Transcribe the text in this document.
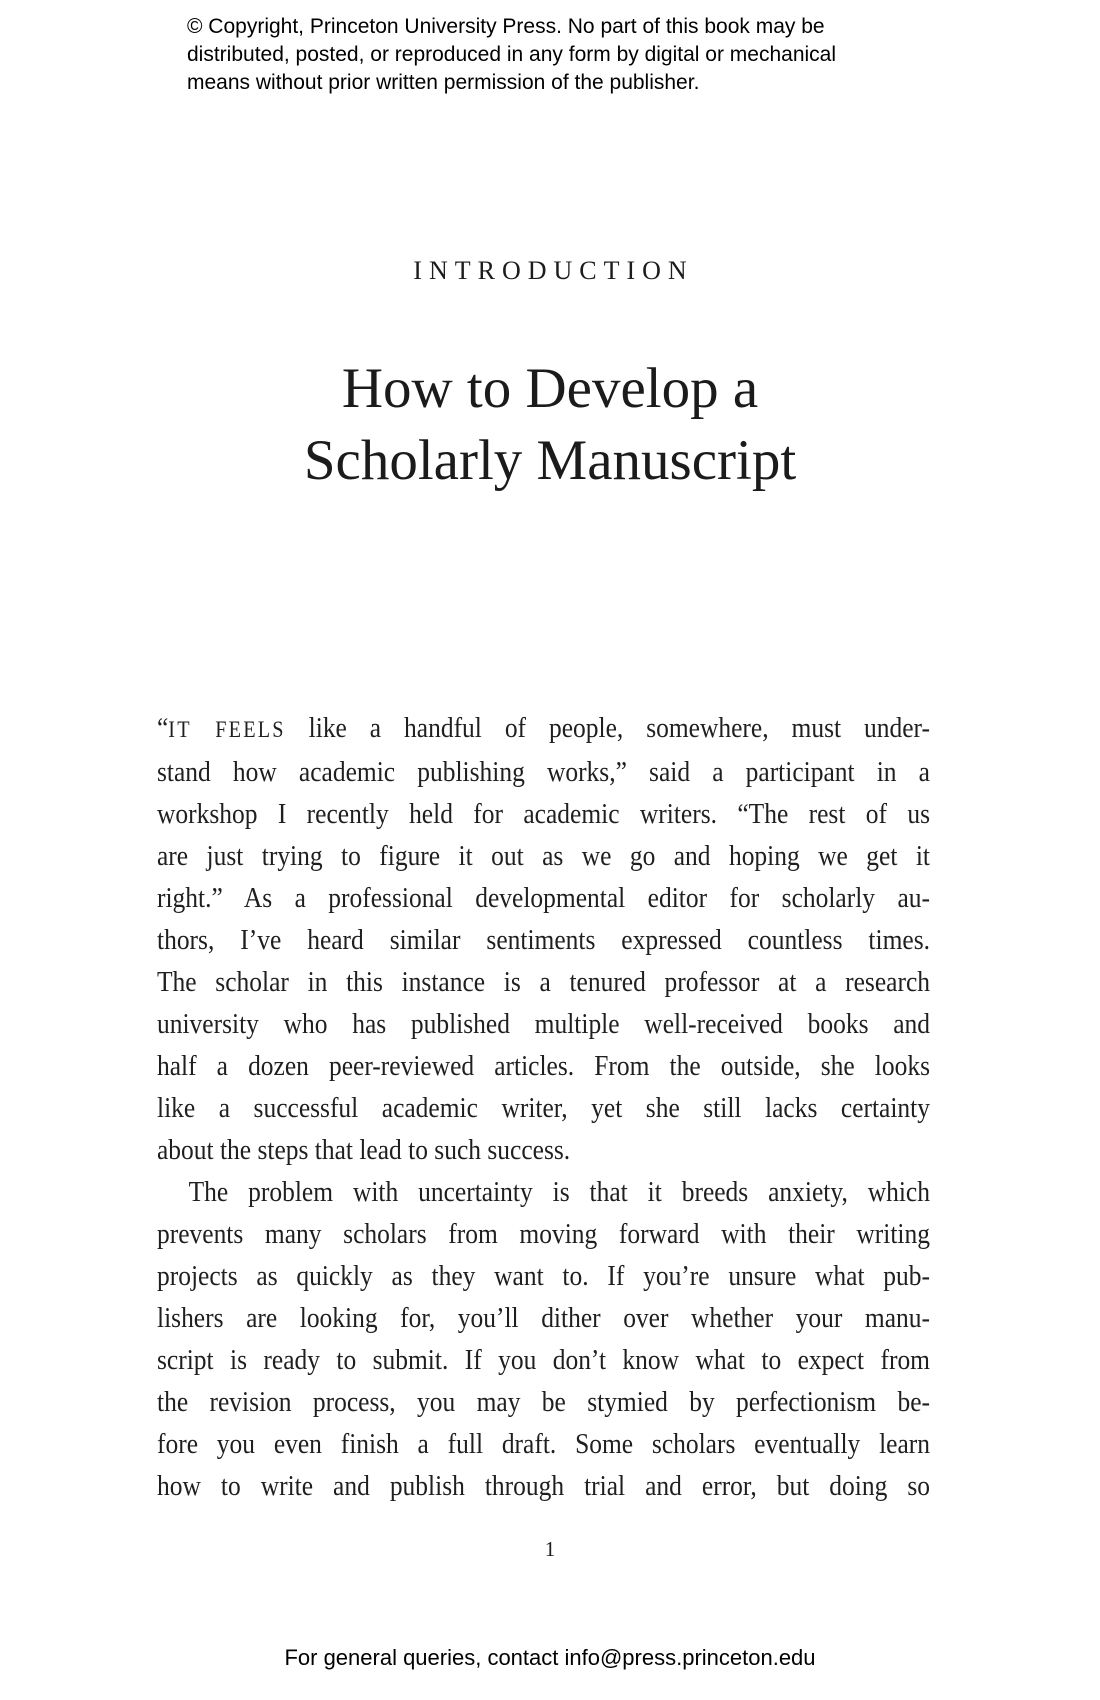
© Copyright, Princeton University Press. No part of this book may be
distributed, posted, or reproduced in any form by digital or mechanical
means without prior written permission of the publisher.
INTRODUCTION
How to Develop a
Scholarly Manuscript
“IT FEELS like a handful of people, somewhere, must under-
stand how academic publishing works,” said a participant in a
workshop I recently held for academic writers. “The rest of us
are just trying to figure it out as we go and hoping we get it
right.” As a professional developmental editor for scholarly au-
thors, I’ve heard similar sentiments expressed countless times.
The scholar in this instance is a tenured professor at a research
university who has published multiple well-received books and
half a dozen peer-reviewed articles. From the outside, she looks
like a successful academic writer, yet she still lacks certainty
about the steps that lead to such success.
The problem with uncertainty is that it breeds anxiety, which
prevents many scholars from moving forward with their writing
projects as quickly as they want to. If you’re unsure what pub-
lishers are looking for, you’ll dither over whether your manu-
script is ready to submit. If you don’t know what to expect from
the revision process, you may be stymied by perfectionism be-
fore you even finish a full draft. Some scholars eventually learn
how to write and publish through trial and error, but doing so
1
For general queries, contact info@press.princeton.edu
